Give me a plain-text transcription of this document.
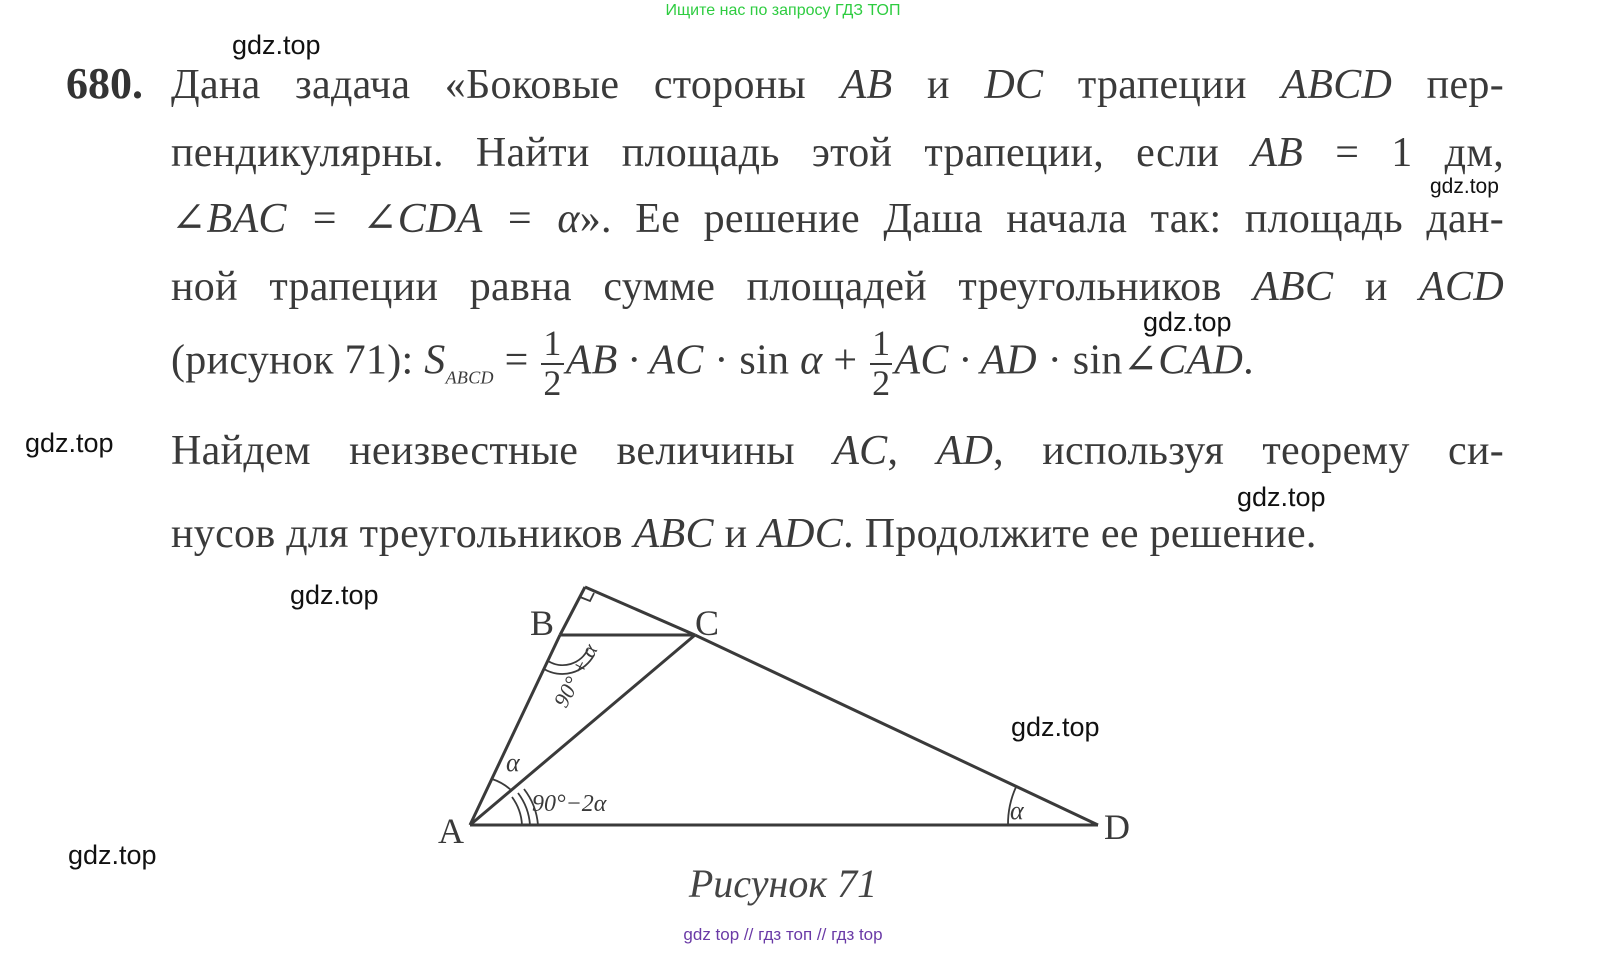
Ищите нас по запросу ГДЗ ТОП
gdz.top
gdz.top
gdz.top
gdz.top
gdz.top
gdz.top
gdz.top
gdz.top
680. Дана задача «Боковые стороны AB и DC трапеции ABCD пер-
пендикулярны. Найти площадь этой трапеции, если AB = 1 дм,
∠BAC = ∠CDA = α». Ее решение Даша начала так: площадь дан-
ной трапеции равна сумме площадей треугольников ABC и ACD
(рисунок 71): $S_{ABCD} = \frac{1}{2}$ AB · AC · $\sin \alpha + \frac{1}{2}$ AC · AD · sin∠CAD.
Найдем неизвестные величины AC, AD, используя теорему си-
нусов для треугольников ABC и ADC. Продолжите ее решение.
A
B	C
D
90° + α
α
90°−2α	α
Рисунок 71
gdz top // гдз топ // гдз top
